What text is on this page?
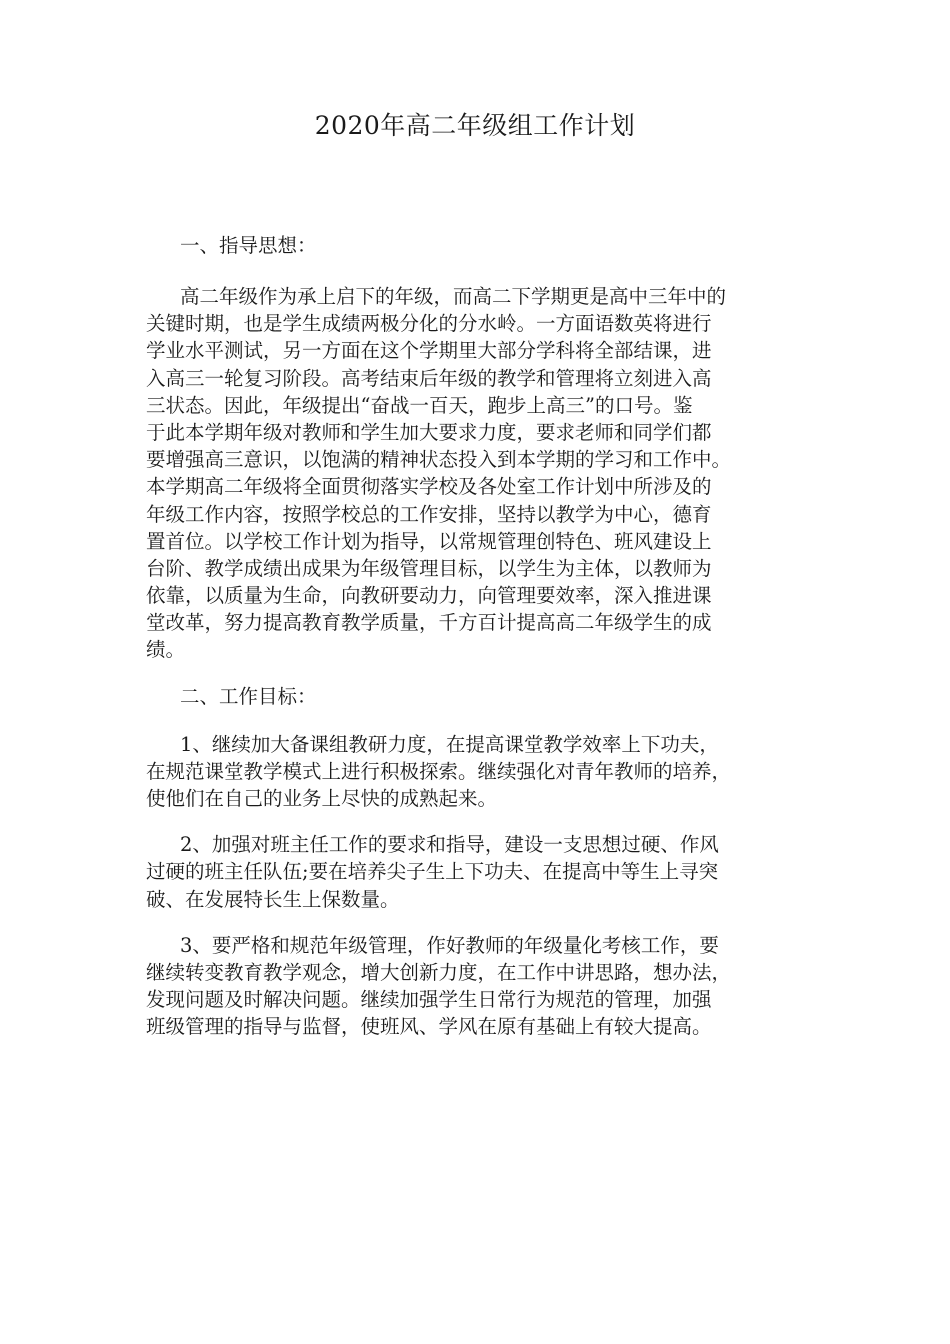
2020年高二年级组工作计划

一、指导思想：

高二年级作为承上启下的年级，而高二下学期更是高中三年中的
关键时期，也是学生成绩两极分化的分水岭。一方面语数英将进行
学业水平测试，另一方面在这个学期里大部分学科将全部结课，进
入高三一轮复习阶段。高考结束后年级的教学和管理将立刻进入高
三状态。因此，年级提出“奋战一百天，跑步上高三”的口号。鉴
于此本学期年级对教师和学生加大要求力度，要求老师和同学们都
要增强高三意识，以饱满的精神状态投入到本学期的学习和工作中。
本学期高二年级将全面贯彻落实学校及各处室工作计划中所涉及的
年级工作内容，按照学校总的工作安排，坚持以教学为中心，德育
置首位。以学校工作计划为指导，以常规管理创特色、班风建设上
台阶、教学成绩出成果为年级管理目标，以学生为主体，以教师为
依靠，以质量为生命，向教研要动力，向管理要效率，深入推进课
堂改革，努力提高教育教学质量，千方百计提高高二年级学生的成
绩。

二、工作目标：

1、继续加大备课组教研力度，在提高课堂教学效率上下功夫，
在规范课堂教学模式上进行积极探索。继续强化对青年教师的培养，
使他们在自己的业务上尽快的成熟起来。
2、加强对班主任工作的要求和指导，建设一支思想过硬、作风
过硬的班主任队伍;要在培养尖子生上下功夫、在提高中等生上寻突
破、在发展特长生上保数量。
3、要严格和规范年级管理，作好教师的年级量化考核工作，要
继续转变教育教学观念，增大创新力度，在工作中讲思路，想办法，
发现问题及时解决问题。继续加强学生日常行为规范的管理，加强
班级管理的指导与监督，使班风、学风在原有基础上有较大提高。
